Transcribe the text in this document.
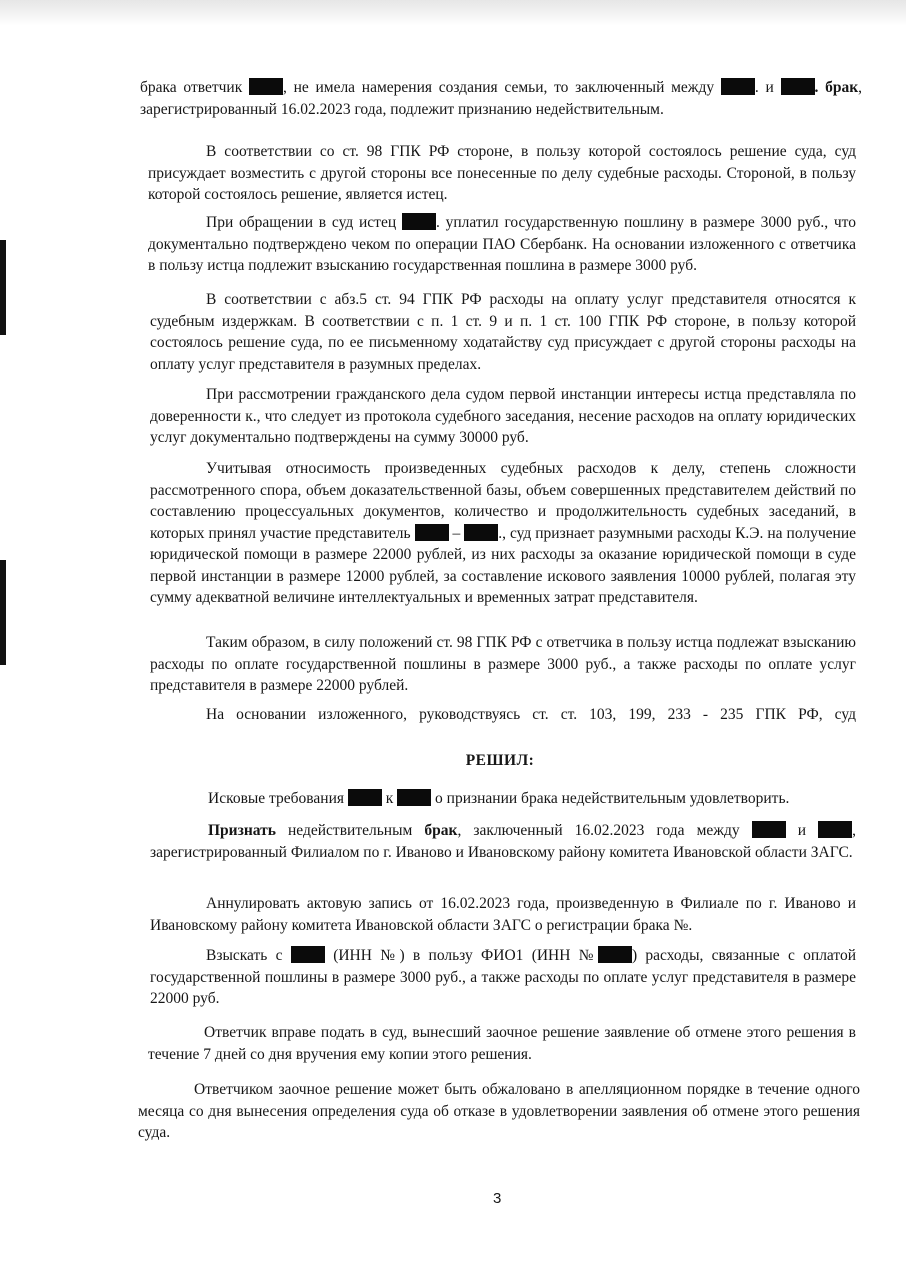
брака ответчик	, не имела намерения создания семьи, то заключенный между	. и	. брак, зарегистрированный 16.02.2023 года, подлежит признанию недействительным.

В соответствии со ст. 98 ГПК РФ стороне, в пользу которой состоялось решение суда, суд присуждает возместить с другой стороны все понесенные по делу судебные расходы. Стороной, в пользу которой состоялось решение, является истец.

При обращении в суд истец	. уплатил государственную пошлину в размере 3000 руб., что документально подтверждено чеком по операции ПАО Сбербанк. На основании изложенного с ответчика в пользу истца подлежит взысканию государственная пошлина в размере 3000 руб.

В соответствии с абз.5 ст. 94 ГПК РФ расходы на оплату услуг представителя относятся к судебным издержкам. В соответствии с п. 1 ст. 9 и п. 1 ст. 100 ГПК РФ стороне, в пользу которой состоялось решение суда, по ее письменному ходатайству суд присуждает с другой стороны расходы на оплату услуг представителя в разумных пределах.

При рассмотрении гражданского дела судом первой инстанции интересы истца представляла по доверенности к., что следует из протокола судебного заседания, несение расходов на оплату юридических услуг документально подтверждены на сумму 30000 руб.

Учитывая относимость произведенных судебных расходов к делу, степень сложности рассмотренного спора, объем доказательственной базы, объем совершенных представителем действий по составлению процессуальных документов, количество и продолжительность судебных заседаний, в которых принял участие представитель	– ., суд признает разумными расходы К.Э. на получение юридической помощи в размере 22000 рублей, из них расходы за оказание юридической помощи в суде первой инстанции в размере 12000 рублей, за составление искового заявления 10000 рублей, полагая эту сумму адекватной величине интеллектуальных и временных затрат представителя.

Таким образом, в силу положений ст. 98 ГПК РФ с ответчика в пользу истца подлежат взысканию расходы по оплате государственной пошлины в размере 3000 руб., а также расходы по оплате услуг представителя в размере 22000 рублей.

На основании изложенного, руководствуясь ст. ст. 103, 199, 233 - 235 ГПК РФ, суд

РЕШИЛ:

Исковые требования	к	о признании брака недействительным удовлетворить.

Признать недействительным брак, заключенный 16.02.2023 года между	и	, зарегистрированный Филиалом по г. Иваново и Ивановскому району комитета Ивановской области ЗАГС.

Аннулировать актовую запись от 16.02.2023 года, произведенную в Филиале по г. Иваново и Ивановскому району комитета Ивановской области ЗАГС о регистрации брака №.

Взыскать с	(ИНН №) в пользу ФИО1 (ИНН № ) расходы, связанные с оплатой государственной пошлины в размере 3000 руб., а также расходы по оплате услуг представителя в размере 22000 руб.

Ответчик вправе подать в суд, вынесший заочное решение заявление об отмене этого решения в течение 7 дней со дня вручения ему копии этого решения.

Ответчиком заочное решение может быть обжаловано в апелляционном порядке в течение одного месяца со дня вынесения определения суда об отказе в удовлетворении заявления об отмене этого решения суда.

3
